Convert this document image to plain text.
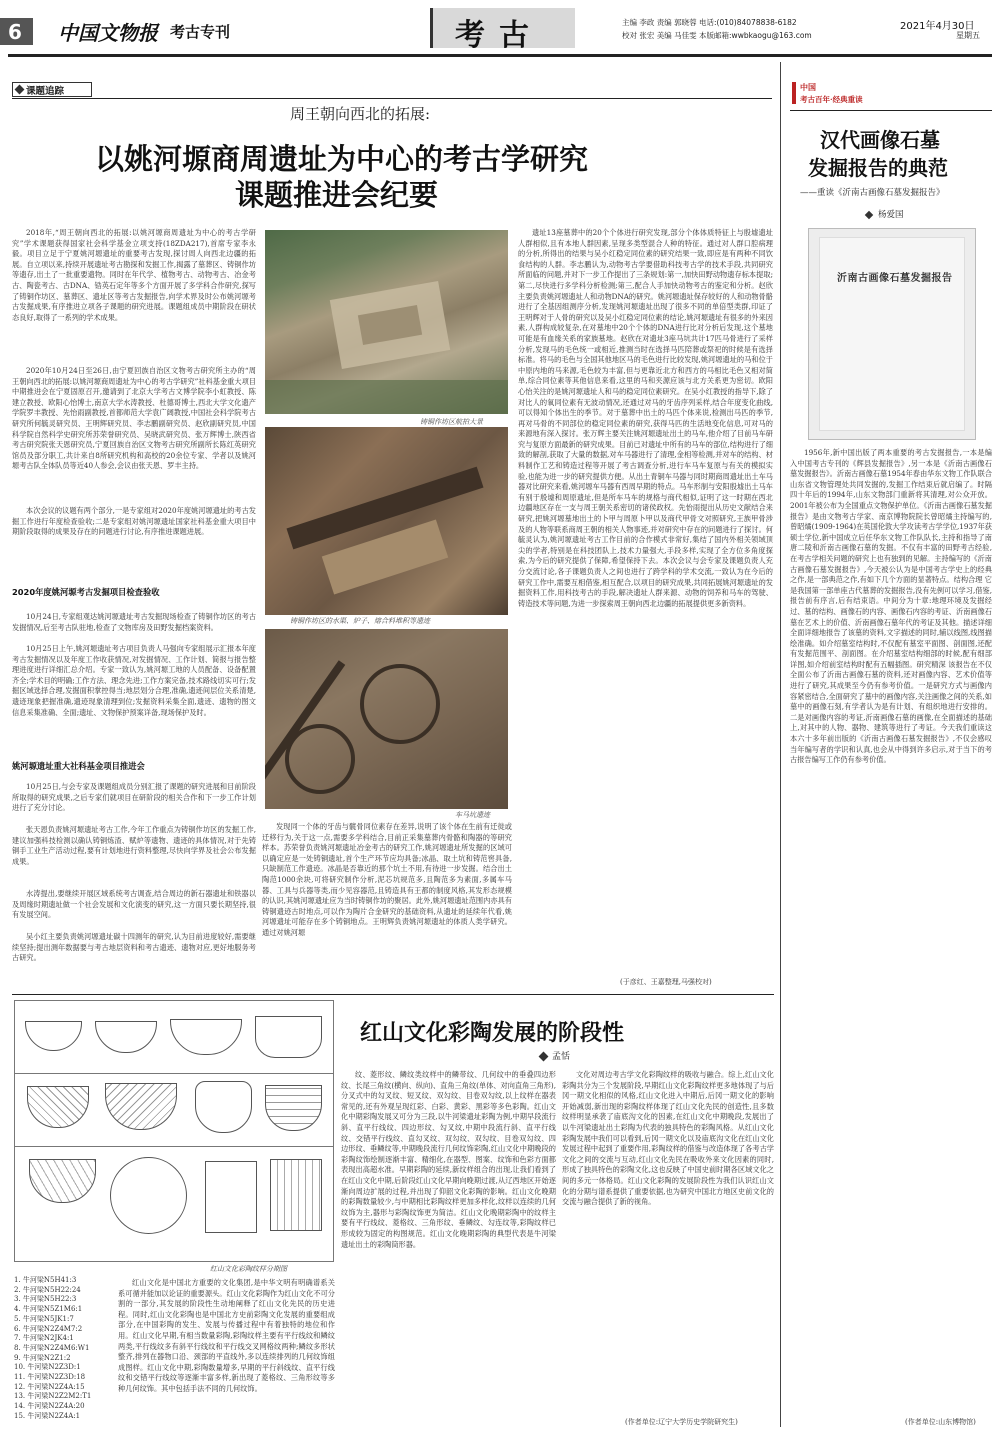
6 中国文物报 考古专刊	考古	主编 李政 责编 郭晓蓉 电话:(010)84078838-6182
校对 张宏 美编 马佳雯 本版邮箱:wwbkaogu@163.com
2021年4月30日
星期五
课题追踪
周王朝向西北的拓展:
以姚河塬商周遗址为中心的考古学研究
课题推进会纪要

2018年,“周王朝向西北的拓展:以姚河塬商周遗址为中心的考古学研究”学术课题获得国家社会科学基金立项支持(18ZDA217),首席专家李永毅。项目立足于宁夏姚河塬遗址的重要考古发现,探讨周人向西北边疆的拓展。自立项以来,持续开展遗址考古勘探和发掘工作,揭露了墓葬区、铸铜作坊等遗存,出土了一批重要遗物。同时在年代学、植物考古、动物考古、冶金考古、陶瓷考古、古DNA、锆英石定年等多个方面开展了多学科合作研究,探写了铸铜作坊区、墓葬区、遗址区等考古发掘报告,向学术界及时公布姚河塬考古发掘成果,有序推进立项各子课题的研究进展。课题组成员中期阶段在研状态良好,取得了一系列的学术成果。

2020年10月24日至26日,由宁夏回族自治区文物考古研究所主办的“周王朝向西北的拓展:以姚河塬商周遗址为中心的考古学研究”社科基金重大项目中期推进会在宁夏固原召开,邀请到了北京大学考古文博学院李小虹教授、陈建立教授、欧阳心怡博士,南京大学水涛教授、杜德哥博士,西北大学文化遗产学院罗丰教授、先怡雨副教授,首都师范大学袁广阔教授,中国社会科学院考古研究所何毓灵研究员、王明辉研究员、李志鹏副研究员、赵欣副研究员,中国科学院自然科学史研究所苏荣誉研究员、吴晓武研究员、张万辉博士,陕西省考古研究院张天恩研究员,宁夏回族自治区文物考古研究所副所长陈红英研究馆员及部分职工,共计来自8所研究机构和高校的20余位专家、学者以及姚河塬考古队全体队员等近40人参会,会议由张天恩、罗丰主持。

本次会议的议题有两个部分,一是专家组对2020年度姚河塬遗址的考古发掘工作进行年度检查验收;二是专家组对姚河塬遗址国家社科基金重大项目中期阶段取得的成果及存在的问题进行讨论,有序推进课题进展。

2020年度姚河塬考古发掘项目检查验收

10月24日,专家组观达姚河塬遗址考古发掘现场检查了铸铜作坊区的考古发掘情况,后至考古队驻地,检查了文物库房及田野发掘档案资料。

10月25日上午,姚河塬遗址考古项目负责人马强向专家组展示汇报本年度考古发掘情况以及年度工作收获情况,对发掘情况、工作计划、简报与报告整理进度进行详细汇总介绍。专家一致认为,姚河塬工地的人员配备、设备配置齐全;学术目的明确;工作方法、理念先进;工作方案完备,技术路线切实可行;发掘区域选择合理,发掘面积掌控得当;地层划分合理,准确,遗迹间层位关系清楚,遗迹现象把握准确,遗迹现象清理到位;发掘资料采集全面,遗迹、遗物的图文信息采集准确、全面;遗址、文物保护预案详备,现场保护及时。

姚河塬遗址重大社科基金项目推进会

10月25日,与会专家及课题组成员分别汇报了课题的研究进展和目前阶段所取得的研究成果,之后专家们就项目在研阶段的相关合作和下一步工作计划进行了充分讨论。

张天恩负责姚河塬遗址考古工作,今年工作重点为铸铜作坊区的发掘工作,建议加强科技检测以确认铸铜炼渣、赋炉等遗物、遗迹的具体情况,对于先铸铜手工业生产活动过程,要有计划地进行资料整理,尽快向学界及社会公布发掘成果。

水涛提出,要继续开展区域系统考古调查,结合周边的新石器遗址和铁器以及周缘时期遗址做一个社会发展和文化演变的研究,这一方面只要长期坚持,很有发展空间。

吴小红主要负责姚河塬遗址碳十四测年的研究,认为目前进度较好,需要继续坚持;提出测年数据要与考古地层资料和考古遗迹、遗物对应,更好地服务考古研究。

铸铜作坊区航拍大景
铸铜作坊区的水渠、炉子、熔合料堆积等遗迹
车马坑遗迹
发现同一个体的牙齿与髋骨同位素存在差异,说明了该个体在生前有迁徙或迁移行为,关于这一点,需要多学科结合,目前正采集墓葬内骨骼和陶器的等研究样本。苏荣誉负责姚河塬遗址冶金考古的研究工作,姚河塬遗址所发掘的区域可以确定应是一处铸铜遗址,首个生产环节应均具备;冰晶、取土坑和铸范窖具备,只缺制范工作遗迹。冰晶是否靠近的那个坑土不用,有待进一步发掘。结合出土陶范1000余块,可将研究制作分析,泥芯坑规范多,且陶范多为素面,多属车马器、工具与兵器等类,而少见容器范,且铸造具有王都的制度风格,其发形态规模的认识,其姚河塬遗址应为当时铸铜作坊的聚居。此外,姚河塬遗址范围内亦具有铸铜遗迹古时地点,可以作为陶片合金研究的基础资料,从遗址的延续年代看,姚河塬遗址可能存在多个铸铜地点。王明辉负责姚河塬遗址的体质人类学研究。通过对姚河塬
遗址13座墓葬中的20个个体进行研究发现,部分个体体质特征上与殷墟遗址人群相似,且有本地人群因素,呈现多类型混合人种的特征。通过对人群口腔病理的分析,所得出的结果与吴小红稳定同位素的研究结果一致,即应是有两种不同饮食结构的人群。李志鹏认为,动物考古学要借助科技考古学的技术手段,共同研究所面临的问题,并对下一步工作提出了三条规划:第一,加快田野动物遗存标本提取;第二,尽快进行多学科分析检测;第三,配合人手加快动物考古的鉴定和分析。赵欣主要负责姚河塬遗址人和动物DNA的研究。姚河塬遗址保存较好的人和动物骨骼进行了全基因组测序分析,发现姚河塬遗址出现了很多不同的单倍型类群,印证了王明辉对于人骨的研究以及吴小红稳定同位素的结论,姚河塬遗址有很多的外来因素,人群构成较复杂,在对墓地中20个个体的DNA进行比对分析后发现,这个墓地可能是有血缘关系的家族墓地。赵欣在对遗址3座马坑共计17匹马骨进行了采样分析,发现马的毛色统一或相近,推测当时在选择马匹陪葬或祭祀的时候是有选择标准。将马的毛色与全国其他地区马的毛色进行比较发现,姚河塬遗址的马和位于中原内地的马来源,毛色较为丰富,但与更靠近北方和西方的马相比毛色又相对简单,综合同位素等其他信息来看,这里的马和夹源应该与北方关系更为密切。欧阳心怡关注的是姚河塬遗址人和马的稳定同位素研究。在吴小红教授的指导下,除了对比人的氧同位素有无波动情况,还通过对马的牙齿序列采样,结合年度变化曲线,可以得知个体出生的季节。对于墓葬中出土的马匹个体来说,检测出马匹的季节,再对马骨的不同部位的稳定同位素的研究,获得马匹的生活地变化信息,可对马的来源地有深入探讨。张万辉主要关注姚河塬遗址出土的马车,他介绍了目前马车研究与复原方面最新的研究成果。目前已对遗址中所有的马车的部位,结构进行了细致的解剖,获取了大量的数据,对车马器进行了清理,金相等检测,并对车的结构、材料制作工艺和铸造过程等开展了考古调查分析,进行车马车复原与有关的模拟实验,也能为进一步的研究提供方便。从出土青铜车马器与同时期商周遗址出土车马器对比研究来看,姚河塬车马器有西周早期的特点。马车形制与安阳殷墟出土马车有别于殷墟和周原遗址,但是所车马车的规格与商代相似,证明了这一时期在西北边疆地区存在一支与周王朝关系密切的诸侯政权。先怡雨提出从历史文献结合来研究,把姚河塬墓地出土的卜甲与周原卜甲以及商代甲骨文对照研究,王族甲骨涉及的人物等联系商周王朝的相关人物事迹,并对研究中存在的问题进行了探讨。何毓灵认为,姚河塬遗址考古工作目前的合作模式非常好,集结了国内外相关领域顶尖的学者,特别是在科技团队上,技术力量强大,手段多样,实现了全方位多角度探索,为今后的研究提供了保障,希望保持下去。本次会议与会专家及课题负责人充分交流讨论,各子课题负责人之间也进行了跨学科的学术交流,一致认为在今后的研究工作中,需要互相借鉴,相互配合,以项目的研究成果,共同拓展姚河塬遗址的发掘资料工作,用科技考古的手段,解决遗址人群来源、动物的饲养和马车的驾驶、铸造技术等问题,为进一步探索周王朝向西北边疆的拓展提供更多新资料。
(于彦红、王嘉整理,马强校对)
红山文化彩陶发展的阶段性
孟恬
红山文化彩陶纹样分期图
1. 牛河梁N5H41:3
2. 牛河梁N5H22:24
3. 牛河梁N5H22:3
4. 牛河梁N5Z1M6:1
5. 牛河梁N5JK1:7
6. 牛河梁N2Z4M7:2
7. 牛河梁N2JK4:1
8. 牛河梁N2Z4M6:W1
9. 牛河梁N2Z1:2
10. 牛河梁N2Z3D:1
11. 牛河梁N2Z3D:18
12. 牛河梁N2Z4A:15
13. 牛河梁N2Z2M2:T1
14. 牛河梁N2Z4A:20
15. 牛河梁N2Z4A:1
红山文化是中国北方重要的文化集团,是中华文明有明确谱系关系可循并能加以论证的重要源头。红山文化彩陶作为红山文化不可分割的一部分,其发展的阶段性生动地阐释了红山文化先民的历史进程。同时,红山文化彩陶也是中国北方史前彩陶文化发展的重要组成部分,在中国彩陶的发生、发展与传播过程中有着独特的地位和作用。红山文化早期,有相当数量彩陶,彩陶纹样主要有平行线纹和鳞纹两类,平行线纹多有斜平行线纹和平行线交叉网格纹两种;鳞纹多形状整齐,排列在器物口沿、颈部的平直线外,多以连续排列的几何纹饰组成图样。红山文化中期,彩陶数量增多,早期的平行斜线纹、直平行线纹和交错平行线纹等逐渐丰富多样,新出现了菱格纹、三角形纹等多种几何纹饰。其中包括手法不同的几何纹饰。
纹、菱形纹、鳞纹类纹样中的鳞带纹、几何纹中的垂叠四边形纹、长尾三角纹(横向、纵向)、直角三角纹(单体、对向直角三角形),分叉式中的勾叉纹、短叉纹、双勾纹、目卷双勾纹,以上纹样在器表常见的,还有外观呈现红彩、白彩、黄彩、黑彩等多色彩陶。红山文化中期彩陶发展又可分为三段,以牛河梁遗址彩陶为例,中期早段流行斜、直平行线纹、四边形纹、勾叉纹,中期中段流行斜、直平行线纹、交错平行线纹、直勾叉纹、双勾纹、双勾纹、目卷双勾纹、四边形纹、垂鳞纹等,中期晚段流行几何纹饰彩陶,红山文化中期晚段的彩陶纹饰绘制逐渐丰富、精细化,在器型、图案、纹饰和色彩方面都表现出高超水准。早期彩陶的延续,新纹样组合的出现,让我们看到了在红山文化中期,后阶段红山文化早期向晚期过渡,从辽西地区开始逐渐向周边扩展的过程,并出现了仰韶文化彩陶的影响。红山文化晚期的彩陶数量较少,与中期相比彩陶纹样更加多样化,纹样以连续的几何纹饰为主,器形与彩陶纹饰更为简洁。红山文化晚期彩陶中的纹样主要有平行线纹、菱格纹、三角形纹、垂鳞纹、勾连纹等,彩陶纹样已形成较为固定的构图规范。红山文化晚期彩陶的典型代表是牛河梁遗址出土的彩陶筒形器。
文化对周边考古学文化彩陶纹样的吸收与融合。综上,红山文化彩陶共分为三个发展阶段,早期红山文化彩陶纹样更多地体现了与后冈一期文化相似的风格,红山文化进入中期后,后冈一期文化的影响开始减弱,新出现的彩陶纹样体现了红山文化先民的创造性,且多数纹样明显承袭了庙底沟文化的因素,在红山文化中期晚段,发展出了以牛河梁遗址出土彩陶为代表的独具特色的彩陶风格。从红山文化彩陶发展中我们可以看到,后冈一期文化以及庙底沟文化在红山文化发展过程中起到了重要作用,彩陶纹样的借鉴与改造体现了各考古学文化之间的交流与互动,红山文化先民在吸收外来文化因素的同时,形成了独具特色的彩陶文化,这也反映了中国史前时期各区域文化之间的多元一体格局。红山文化彩陶的发展阶段性为我们认识红山文化的分期与谱系提供了重要依据,也为研究中国北方地区史前文化的交流与融合提供了新的视角。
(作者单位:辽宁大学历史学院研究生)
中国
考古百年·经典重读
汉代画像石墓
发掘报告的典范
——重读《沂南古画像石墓发掘报告》
杨爱国
沂南古画像石墓发掘报告
1956年,新中国出版了两本重要的考古发掘报告,一本是编入中国考古专刊的《辉县发掘报告》,另一本是《沂南古画像石墓发掘报告》。沂南古画像石墓1954年春由华东文物工作队联合山东省文物管理处共同发掘的,发掘工作结束后就启编了。时隔四十年后的1994年,山东文物部门重新将其清理,对公众开放。2001年被公布为全国重点文物保护单位。《沂南古画像石墓发掘报告》是由文物考古学家、南京博物院院长曾昭燏主持编写的,曾昭燏(1909-1964)在英国伦敦大学攻读考古学学位,1937年获硕士学位,新中国成立后任华东文物工作队队长,主持和指导了南唐二陵和沂南古画像石墓的发掘。不仅有丰富的田野考古经验,在考古学相关问题的研究上也有独到的见解。主持编写的《沂南古画像石墓发掘报告》,今天被公认为是中国考古学史上的经典之作,是一部典范之作,有如下几个方面的显著特点。结构合理 它是我国第一部单座古代墓葬的发掘报告,没有先例可以学习,借鉴,报告前有序言,后有结束语。中间分为十章:地理环境及发掘经过、墓的结构、画像石的内容、画像石内容的考证、沂南画像石墓在艺术上的价值、沂南画像石墓年代的考证及其他。描述详细 全面详细地报告了该墓的资料,文字描述的同时,辅以线图,线图描绘准确。如介绍墓室结构时,不仅配有墓室平面图、剖面图,还配有发掘范围平、剖面图。在介绍墓室结构细部的时候,配有细部详图,如介绍前室结构时配有五幅插图。研究精深 该报告在不仅全面公布了沂南古画像石墓的资料,还对画像内容、艺术价值等进行了研究,其成果至今仍有参考价值。一是研究方式与画像内容紧密结合,全面研究了墓中的画像内容,关注画像之间的关系,如墓中的画像石刻,有学者认为是有计划、有组织地进行安排的。二是对画像内容的考证,沂南画像石墓的画像,在全面描述的基础上,对其中的人物、器物、建筑等进行了考证。今天我们重读这本六十多年前出版的《沂南古画像石墓发掘报告》,不仅会感叹当年编写者的学识和认真,也会从中得到许多启示,对于当下的考古报告编写工作仍有参考价值。
(作者单位:山东博物馆)
